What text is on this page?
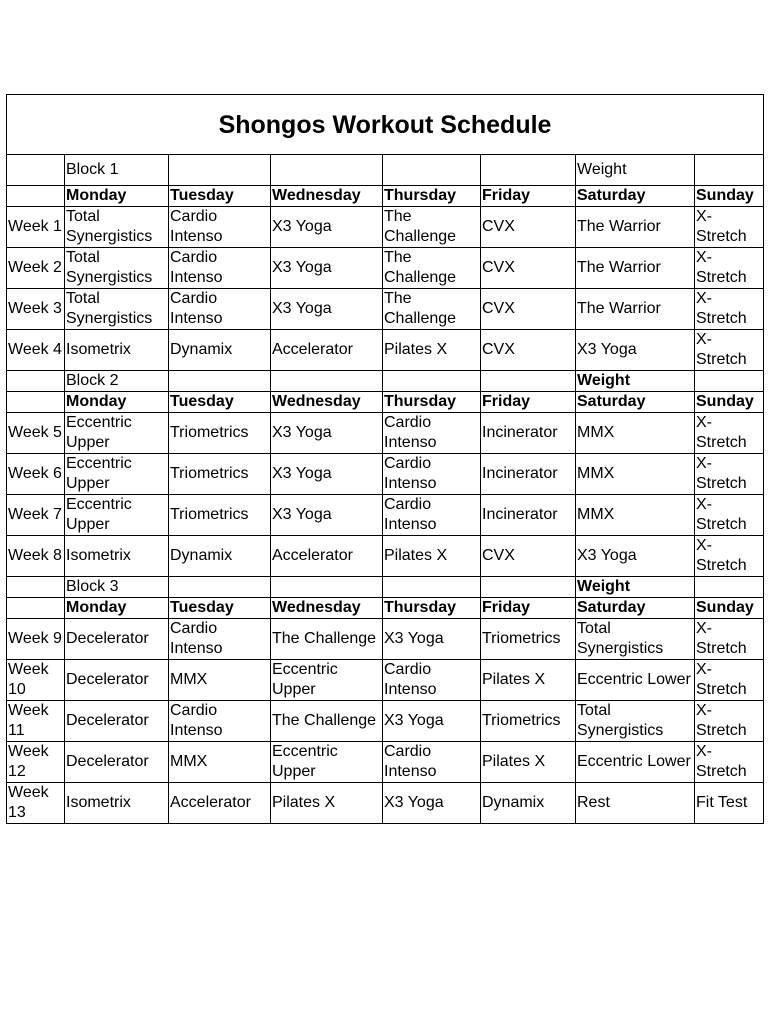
Shongos Workout Schedule							
	Block 1					Weight	
	Monday	Tuesday	Wednesday	Thursday	Friday	Saturday	Sunday
Week 1	Total Synergistics	Cardio Intenso	X3 Yoga	The Challenge	CVX	The Warrior	X-Stretch
Week 2	Total Synergistics	Cardio Intenso	X3 Yoga	The Challenge	CVX	The Warrior	X-Stretch
Week 3	Total Synergistics	Cardio Intenso	X3 Yoga	The Challenge	CVX	The Warrior	X-Stretch
Week 4	Isometrix	Dynamix	Accelerator	Pilates X	CVX	X3 Yoga	X-Stretch
	Block 2					Weight	
	Monday	Tuesday	Wednesday	Thursday	Friday	Saturday	Sunday
Week 5	Eccentric Upper	Triometrics	X3 Yoga	Cardio Intenso	Incinerator	MMX	X-Stretch
Week 6	Eccentric Upper	Triometrics	X3 Yoga	Cardio Intenso	Incinerator	MMX	X-Stretch
Week 7	Eccentric Upper	Triometrics	X3 Yoga	Cardio Intenso	Incinerator	MMX	X-Stretch
Week 8	Isometrix	Dynamix	Accelerator	Pilates X	CVX	X3 Yoga	X-Stretch
	Block 3					Weight	
	Monday	Tuesday	Wednesday	Thursday	Friday	Saturday	Sunday
Week 9	Decelerator	Cardio Intenso	The Challenge	X3 Yoga	Triometrics	Total Synergistics	X-Stretch
Week 10	Decelerator	MMX	Eccentric Upper	Cardio Intenso	Pilates X	Eccentric Lower	X-Stretch
Week 11	Decelerator	Cardio Intenso	The Challenge	X3 Yoga	Triometrics	Total Synergistics	X-Stretch
Week 12	Decelerator	MMX	Eccentric Upper	Cardio Intenso	Pilates X	Eccentric Lower	X-Stretch
Week 13	Isometrix	Accelerator	Pilates X	X3 Yoga	Dynamix	Rest	Fit Test
